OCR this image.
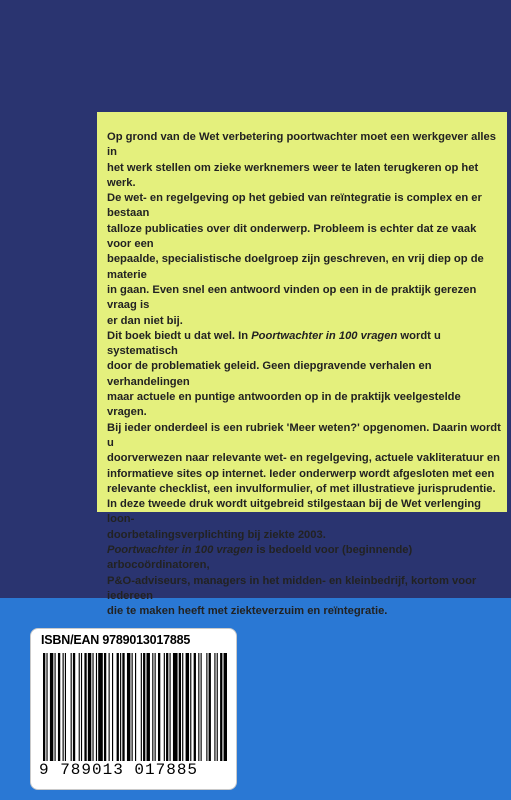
Op grond van de Wet verbetering poortwachter moet een werkgever alles in
het werk stellen om zieke werknemers weer te laten terugkeren op het werk.
De wet- en regelgeving op het gebied van reïntegratie is complex en er bestaan
talloze publicaties over dit onderwerp. Probleem is echter dat ze vaak voor een
bepaalde, specialistische doelgroep zijn geschreven, en vrij diep op de materie
in gaan. Even snel een antwoord vinden op een in de praktijk gerezen vraag is
er dan niet bij.
Dit boek biedt u dat wel. In Poortwachter in 100 vragen wordt u systematisch
door de problematiek geleid. Geen diepgravende verhalen en verhandelingen
maar actuele en puntige antwoorden op in de praktijk veelgestelde vragen.
Bij ieder onderdeel is een rubriek 'Meer weten?' opgenomen. Daarin wordt u
doorverwezen naar relevante wet- en regelgeving, actuele vakliteratuur en
informatieve sites op internet. Ieder onderwerp wordt afgesloten met een
relevante checklist, een invulformulier, of met illustratieve jurisprudentie.
In deze tweede druk wordt uitgebreid stilgestaan bij de Wet verlenging loon-
doorbetalingsverplichting bij ziekte 2003.
Poortwachter in 100 vragen is bedoeld voor (beginnende) arbocoördinatoren,
P&O-adviseurs, managers in het midden- en kleinbedrijf, kortom voor iedereen
die te maken heeft met ziekteverzuim en reïntegratie.

ISBN/EAN 9789013017885
9 789013 017885
